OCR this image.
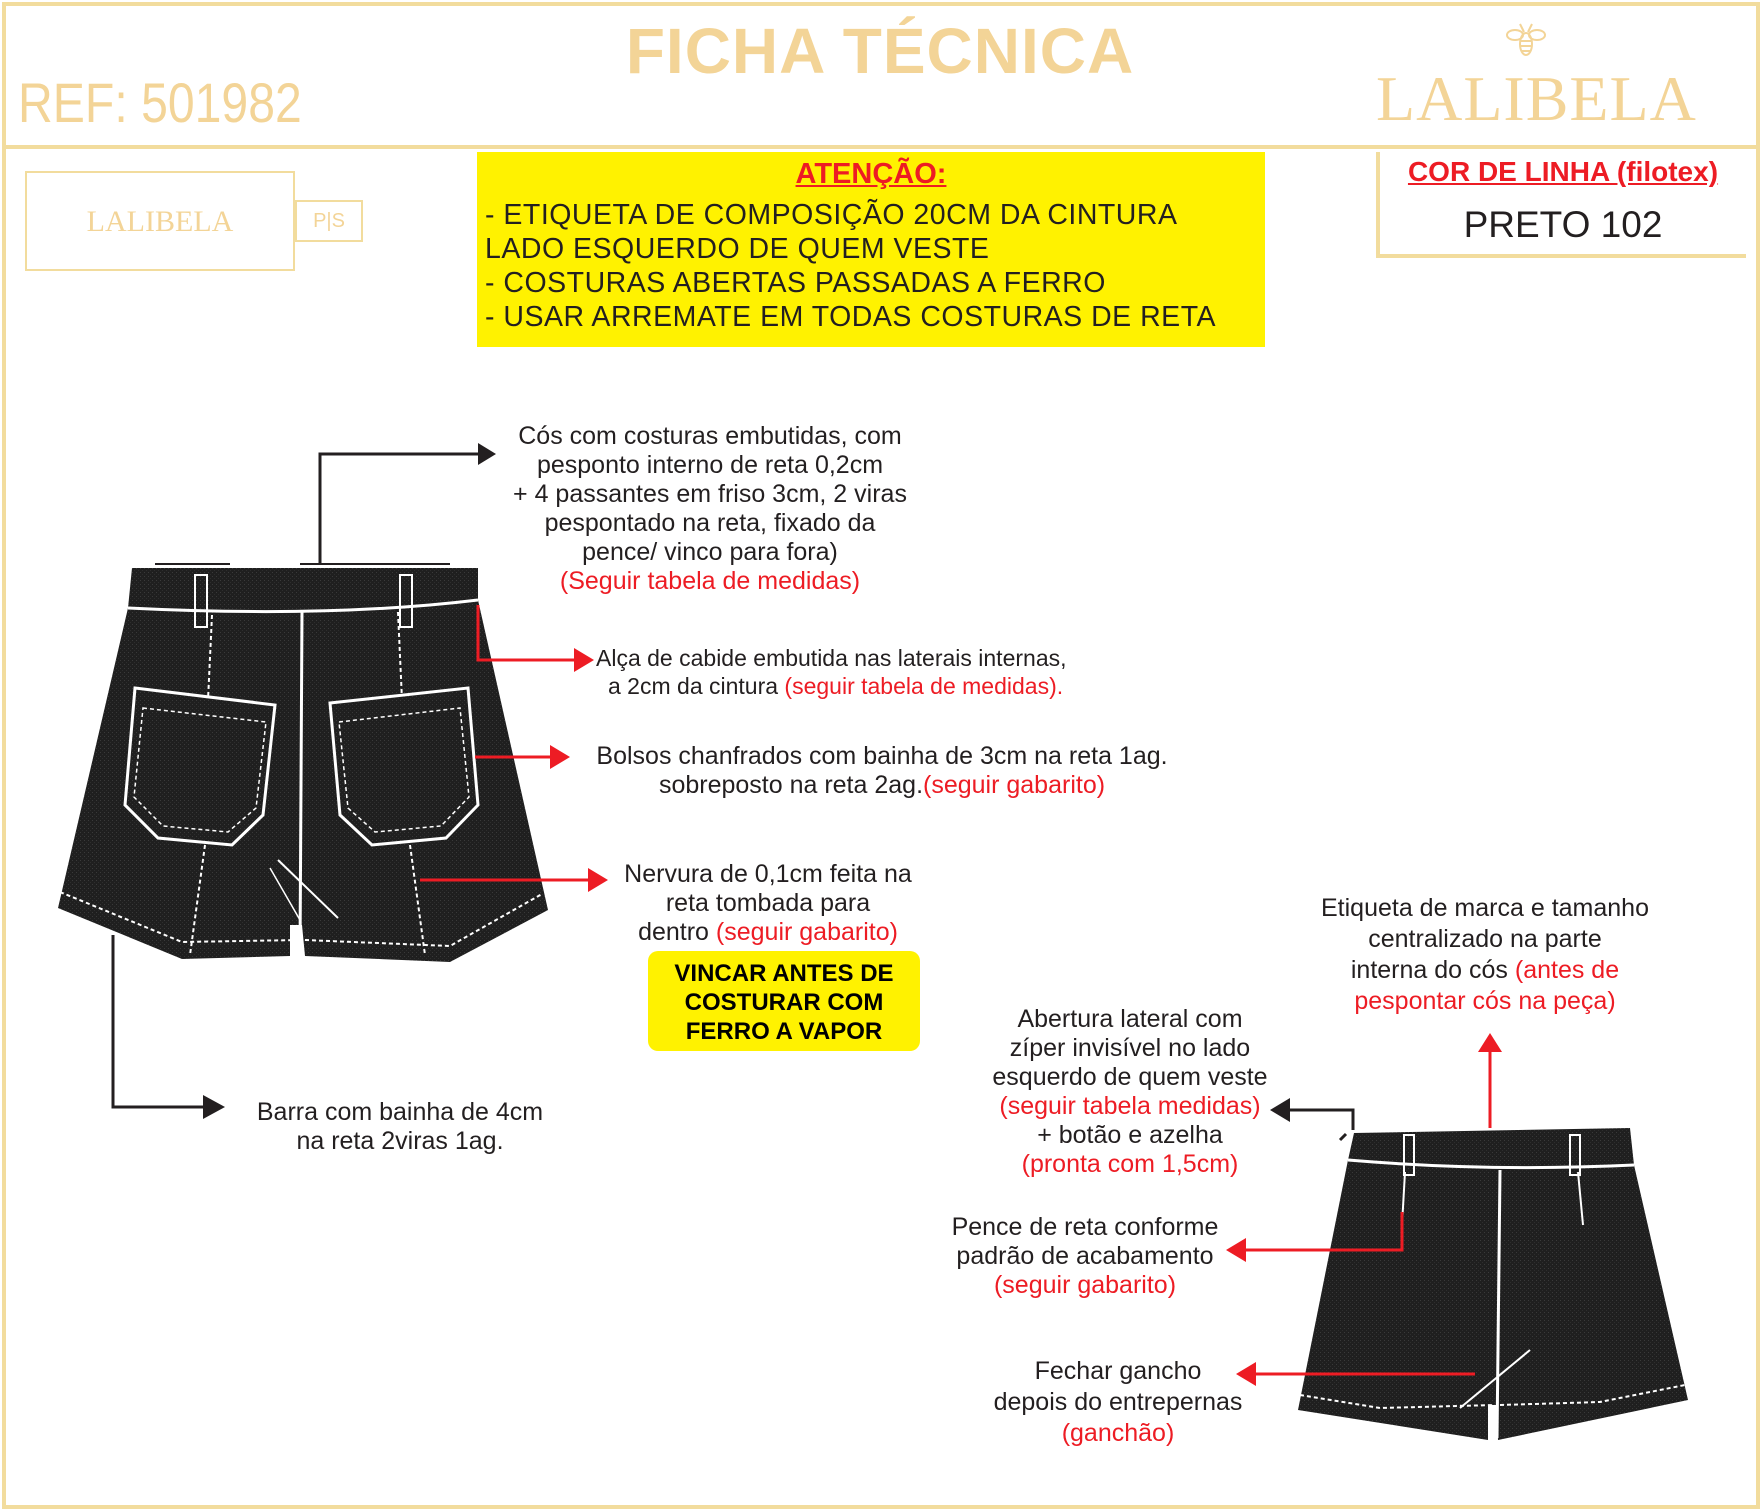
FICHA TÉCNICA
REF: 501982	LALIBELA
LALIBELA	P|S
ATENÇÃO:
- ETIQUETA DE COMPOSIÇÃO 20CM DA CINTURA
LADO ESQUERDO DE QUEM VESTE
- COSTURAS ABERTAS PASSADAS A FERRO
- USAR ARREMATE EM TODAS COSTURAS DE RETA
COR DE LINHA (filotex)
PRETO 102
Cós com costuras embutidas, com
pesponto interno de reta 0,2cm
+ 4 passantes em friso 3cm, 2 viras
pespontado na reta, fixado da
pence/ vinco para fora)
(Seguir tabela de medidas)
Alça de cabide embutida nas laterais internas,
a 2cm da cintura (seguir tabela de medidas).
Bolsos chanfrados com bainha de 3cm na reta 1ag.
sobreposto na reta 2ag.(seguir gabarito)
Nervura de 0,1cm feita na
reta tombada para
dentro (seguir gabarito)
VINCAR ANTES DE
COSTURAR COM
FERRO A VAPOR
Barra com bainha de 4cm
na reta 2viras 1ag.
Etiqueta de marca e tamanho
centralizado na parte
interna do cós (antes de
pespontar cós na peça)
Abertura lateral com
zíper invisível no lado
esquerdo de quem veste
(seguir tabela medidas)
+ botão e azelha
(pronta com 1,5cm)
Pence de reta conforme
padrão de acabamento
(seguir gabarito)
Fechar gancho
depois do entrepernas
(ganchão)
